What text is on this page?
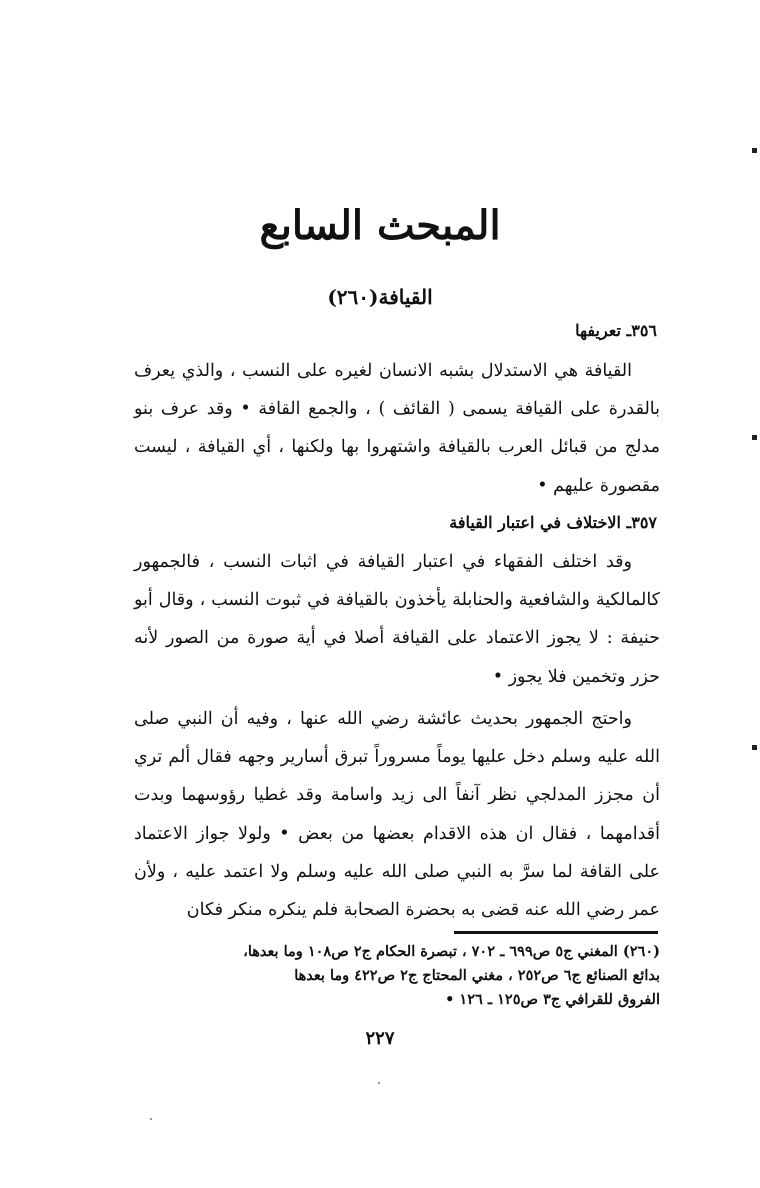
المبحث السابع
القيافة(٢٦٠)
٣٥٦ـ تعريفها

القيافة هي الاستدلال بشبه الانسان لغيره على النسب ، والذي يعرف بالقدرة على القيافة يسمى ( القائف ) ، والجمع القافة • وقد عرف بنو مدلج من قبائل العرب بالقيافة واشتهروا بها ولكنها ، أي القيافة ، ليست مقصورة عليهم •

٣٥٧ـ الاختلاف في اعتبار القيافة

وقد اختلف الفقهاء في اعتبار القيافة في اثبات النسب ، فالجمهور كالمالكية والشافعية والحنابلة يأخذون بالقيافة في ثبوت النسب ، وقال أبو حنيفة : لا يجوز الاعتماد على القيافة أصلا في أية صورة من الصور لأنه حزر وتخمين فلا يجوز •

واحتج الجمهور بحديث عائشة رضي الله عنها ، وفيه أن النبي صلى الله عليه وسلم دخل عليها يوماً مسروراً تبرق أسارير وجهه فقال ألم تري أن مجزز المدلجي نظر آنفاً الى زيد واسامة وقد غطيا رؤوسهما وبدت أقدامهما ، فقال ان هذه الاقدام بعضها من بعض • ولولا جواز الاعتماد على القافة لما سرَّ به النبي صلى الله عليه وسلم ولا اعتمد عليه ، ولأن عمر رضي الله عنه قضى به بحضرة الصحابة فلم ينكره منكر فكان

(٢٦٠) المغني ج٥ ص٦٩٩ ـ ٧٠٢ ، تبصرة الحكام ج٢ ص١٠٨ وما بعدها،
بدائع الصنائع ج٦ ص٢٥٢ ، مغني المحتاج ج٢ ص٤٢٢ وما بعدها
الفروق للقرافي ج٣ ص١٢٥ ـ ١٢٦ •
٢٢٧
